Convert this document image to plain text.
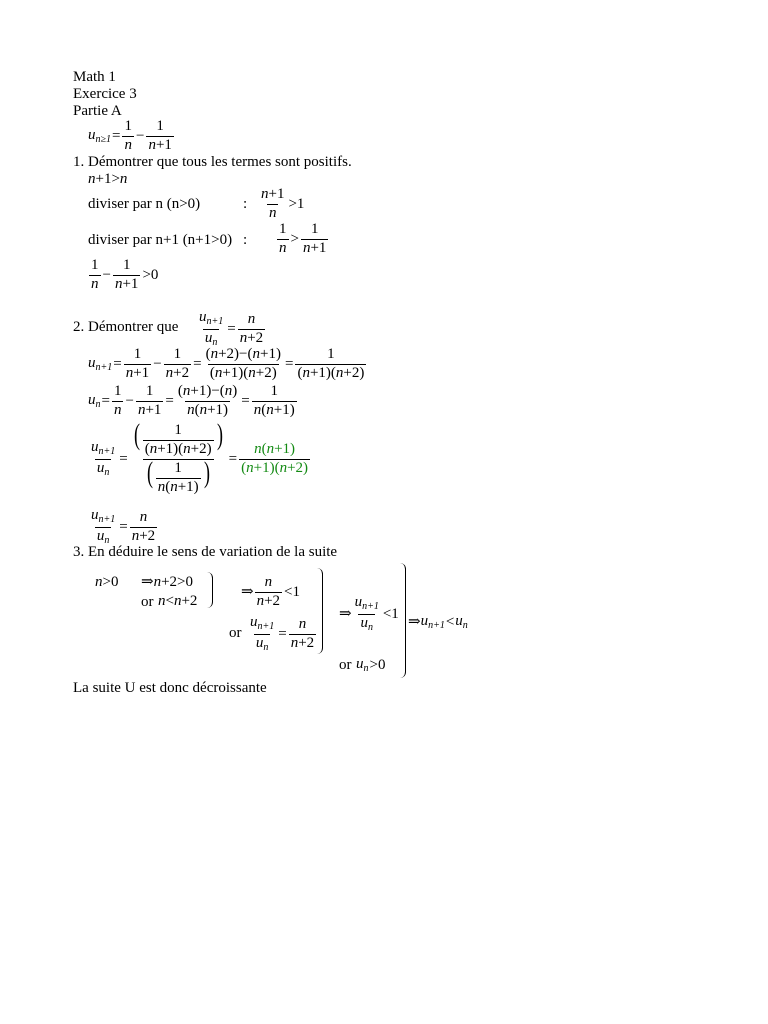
Math 1
Exercice 3
Partie A
$u_{n\ge 1} = \frac{1}{n} - \frac{1}{n+1}$
1. Démontrer que tous les termes sont positifs.
n+1>n
diviser par n (n>0)	: $\frac{n+1}{n} >1$
diviser par n+1 (n+1>0) : $\frac{1}{n} > \frac{1}{n+1}$
$\frac{1}{n} - \frac{1}{n+1} >0$
2. Démontrer que $\frac{u_{n+1}}{u_n} = \frac{n}{n+2}$
$u_{n+1} = \frac{1}{n+1} - \frac{1}{n+2} = \frac{(n+2)-(n+1)}{(n+1)(n+2)} = \frac{1}{(n+1)(n+2)}$
$u_n = \frac{1}{n} - \frac{1}{n+1} = \frac{(n+1)-(n)}{n(n+1)} = \frac{1}{n(n+1)}$
$\frac{u_{n+1}}{u_n} = \frac{( \frac{1}{(n+1)(n+2)} )}{( \frac{1}{n(n+1)} )} = \frac{n(n+1)}{(n+1)(n+2)}$
$\frac{u_{n+1}}{u_n} = \frac{n}{n+2}$
3. En déduire le sens de variation de la suite
n>0 ⇒ n+2>0
or n<n+2
⇒ $\frac{n}{n+2} <1$
or $\frac{u_{n+1}}{u_n} = \frac{n}{n+2}$
⇒ $\frac{u_{n+1}}{u_n} <1$
or $u_n >0$
⇒ $u_{n+1} < u_n$
La suite U est donc décroissante
